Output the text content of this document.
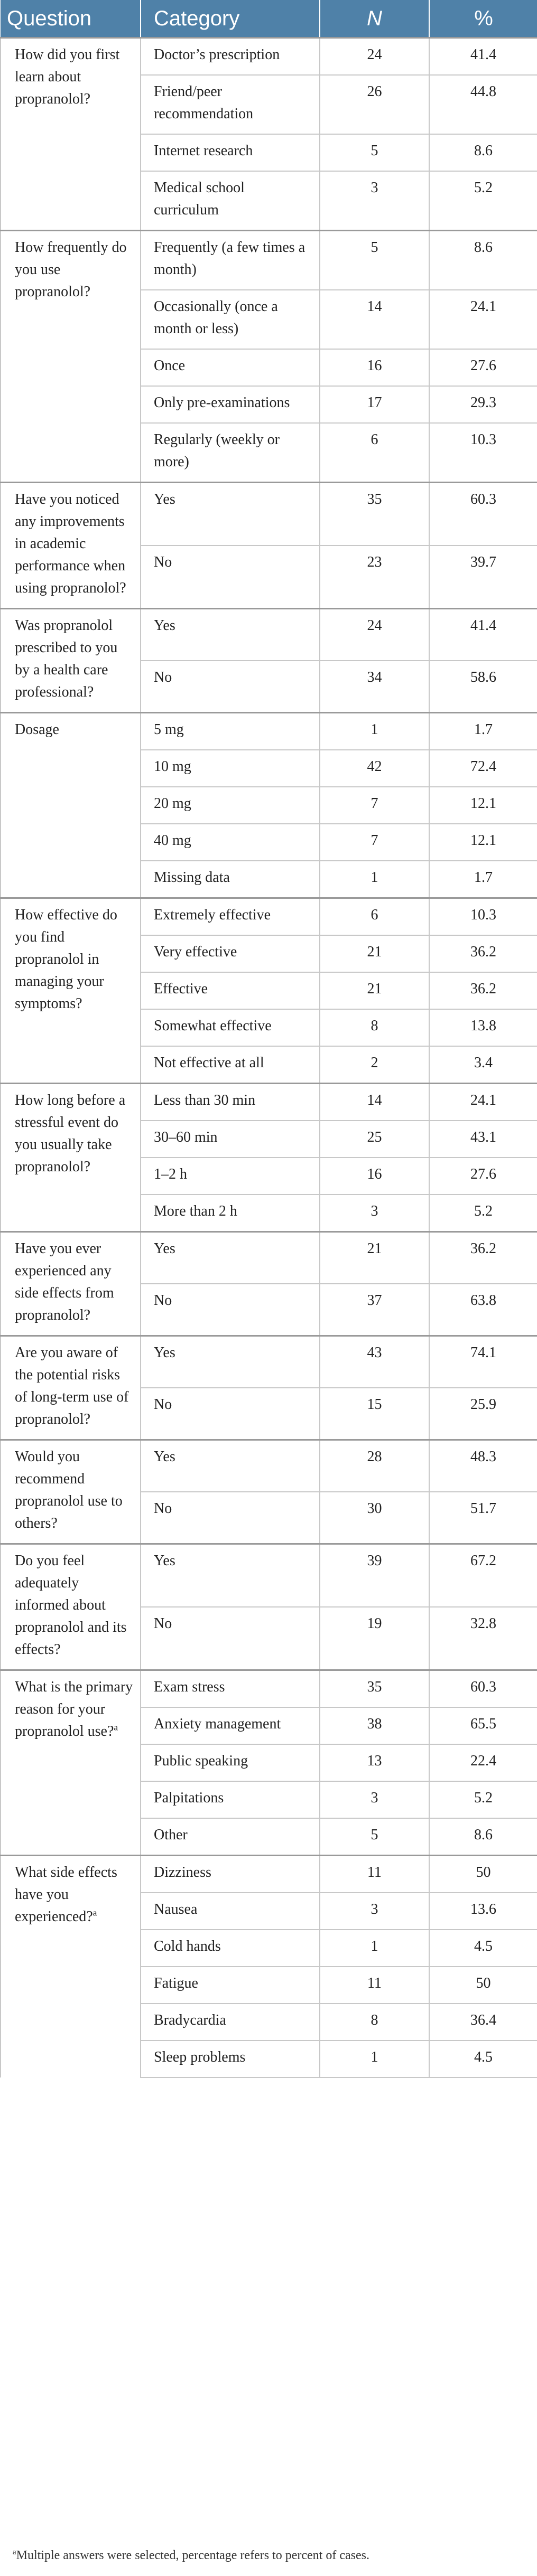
Question	Category	N	%
How did you first learn about propranolol?	Doctor’s prescription	24	41.4
	Friend/peer recommendation	26	44.8
	Internet research	5	8.6
	Medical school curriculum	3	5.2
How frequently do you use propranolol?	Frequently (a few times a month)	5	8.6
	Occasionally (once a month or less)	14	24.1
	Once	16	27.6
	Only pre-examinations	17	29.3
	Regularly (weekly or more)	6	10.3
Have you noticed any improvements in academic performance when using propranolol?	Yes	35	60.3
	No	23	39.7
Was propranolol prescribed to you by a health care professional?	Yes	24	41.4
	No	34	58.6
Dosage	5 mg	1	1.7
	10 mg	42	72.4
	20 mg	7	12.1
	40 mg	7	12.1
	Missing data	1	1.7
How effective do you find propranolol in managing your symptoms?	Extremely effective	6	10.3
	Very effective	21	36.2
	Effective	21	36.2
	Somewhat effective	8	13.8
	Not effective at all	2	3.4
How long before a stressful event do you usually take propranolol?	Less than 30 min	14	24.1
	30–60 min	25	43.1
	1–2 h	16	27.6
	More than 2 h	3	5.2
Have you ever experienced any side effects from propranolol?	Yes	21	36.2
	No	37	63.8
Are you aware of the potential risks of long-term use of propranolol?	Yes	43	74.1
	No	15	25.9
Would you recommend propranolol use to others?	Yes	28	48.3
	No	30	51.7
Do you feel adequately informed about propranolol and its effects?	Yes	39	67.2
	No	19	32.8
What is the primary reason for your propranolol use?$^a$	Exam stress	35	60.3
	Anxiety management	38	65.5
	Public speaking	13	22.4
	Palpitations	3	5.2
	Other	5	8.6
What side effects have you experienced?$^a$	Dizziness	11	50
	Nausea	3	13.6
	Cold hands	1	4.5
	Fatigue	11	50
	Bradycardia	8	36.4
	Sleep problems	1	4.5
$^a$Multiple answers were selected, percentage refers to percent of cases.
